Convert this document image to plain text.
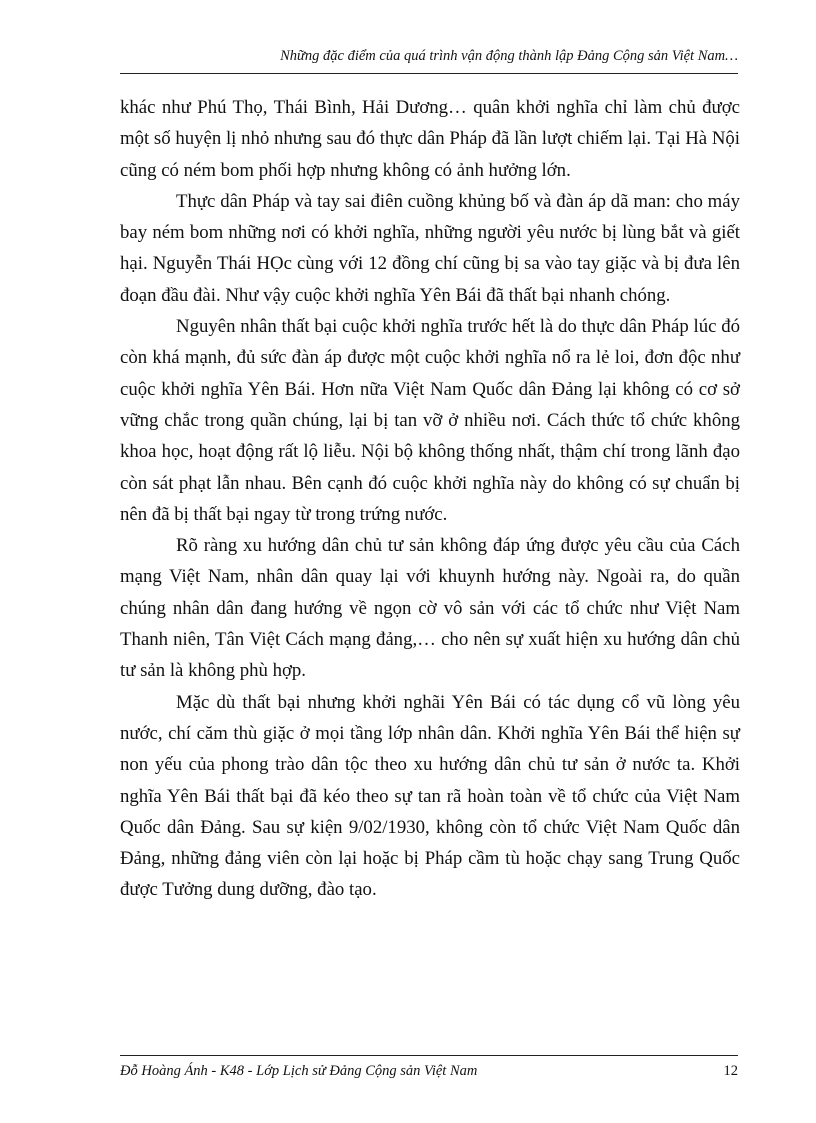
Những đặc điểm của quá trình vận động thành lập Đảng Cộng sản Việt Nam…

khác như Phú Thọ, Thái Bình, Hải Dương… quân khởi nghĩa chỉ làm chủ được một số huyện lị nhỏ nhưng sau đó thực dân Pháp đã lần lượt chiếm lại. Tại Hà Nội cũng có ném bom phối hợp nhưng không có ảnh hưởng lớn.

Thực dân Pháp và tay sai điên cuồng khủng bố và đàn áp dã man: cho máy bay ném bom những nơi có khởi nghĩa, những người yêu nước bị lùng bắt và giết hại. Nguyễn Thái HỌc cùng với 12 đồng chí cũng bị sa vào tay giặc và bị đưa lên đoạn đầu đài. Như vậy cuộc khởi nghĩa Yên Bái đã thất bại nhanh chóng.

Nguyên nhân thất bại cuộc khởi nghĩa trước hết là do thực dân Pháp lúc đó còn khá mạnh, đủ sức đàn áp được một cuộc khởi nghĩa nổ ra lẻ loi, đơn độc như cuộc khởi nghĩa Yên Bái. Hơn nữa Việt Nam Quốc dân Đảng lại không có cơ sở vững chắc trong quần chúng, lại bị tan vỡ ở nhiều nơi. Cách thức tổ chức không khoa học, hoạt động rất lộ liễu. Nội bộ không thống nhất, thậm chí trong lãnh đạo còn sát phạt lẫn nhau. Bên cạnh đó cuộc khởi nghĩa này do không có sự chuẩn bị nên đã bị thất bại ngay từ trong trứng nước.

Rõ ràng xu hướng dân chủ tư sản không đáp ứng được yêu cầu của Cách mạng Việt Nam, nhân dân quay lại với khuynh hướng này. Ngoài ra, do quần chúng nhân dân đang hướng về ngọn cờ vô sản với các tổ chức như Việt Nam Thanh niên, Tân Việt Cách mạng đảng,… cho nên sự xuất hiện xu hướng dân chủ tư sản là không phù hợp.

Mặc dù thất bại nhưng khởi nghãi Yên Bái có tác dụng cổ vũ lòng yêu nước, chí căm thù giặc ở mọi tầng lớp nhân dân. Khởi nghĩa Yên Bái thể hiện sự non yếu của phong trào dân tộc theo xu hướng dân chủ tư sản ở nước ta. Khởi nghĩa Yên Bái thất bại đã kéo theo sự tan rã hoàn toàn về tổ chức của Việt Nam Quốc dân Đảng. Sau sự kiện 9/02/1930, không còn tổ chức Việt Nam Quốc dân Đảng, những đảng viên còn lại hoặc bị Pháp cầm tù hoặc chạy sang Trung Quốc được Tưởng dung dưỡng, đào tạo.

Đỗ Hoàng Ánh - K48 - Lớp Lịch sử Đảng Cộng sản Việt Nam	12
